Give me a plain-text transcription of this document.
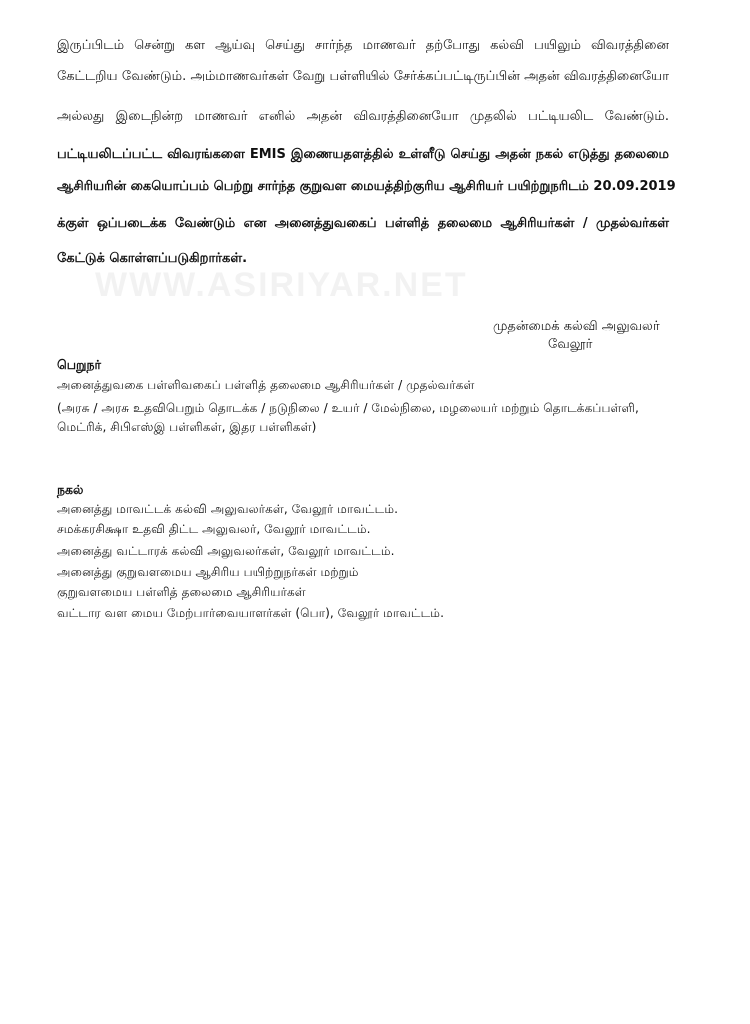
இருப்பிடம் சென்று கள ஆய்வு செய்து சார்ந்த மாணவர் தற்போது கல்வி பயிலும் விவரத்தினை
கேட்டறிய வேண்டும். அம்மாணவர்கள் வேறு பள்ளியில் சேர்க்கப்பட்டிருப்பின் அதன் விவரத்தினையோ
அல்லது இடைநின்ற மாணவர் எனில் அதன் விவரத்தினையோ முதலில் பட்டியலிட வேண்டும்.
பட்டியலிடப்பட்ட விவரங்களை EMIS இணையதளத்தில் உள்ளீடு செய்து அதன் நகல் எடுத்து தலைமை
ஆசிரியரின் கையொப்பம் பெற்று சார்ந்த குறுவள மையத்திற்குரிய ஆசிரியர் பயிற்றுநரிடம் 20.09.2019
க்குள் ஒப்படைக்க வேண்டும் என அனைத்துவகைப் பள்ளித் தலைமை ஆசிரியர்கள் / முதல்வர்கள்
கேட்டுக் கொள்ளப்படுகிறார்கள்.
WWW.ASIRIYAR.NET
முதன்மைக் கல்வி அலுவலர்
வேலூர்
பெறுநர்
அனைத்துவகை பள்ளிவகைப் பள்ளித் தலைமை ஆசிரியர்கள் / முதல்வர்கள்
(அரசு / அரசு உதவிபெறும் தொடக்க / நடுநிலை / உயர் / மேல்நிலை, மழலையர் மற்றும் தொடக்கப்பள்ளி,
மெட்ரிக், சிபிஎஸ்இ பள்ளிகள், இதர பள்ளிகள்)
நகல்
அனைத்து மாவட்டக் கல்வி அலுவலர்கள், வேலூர் மாவட்டம்.
சமக்கரசிக்ஷா உதவி திட்ட அலுவலர், வேலூர் மாவட்டம்.
அனைத்து வட்டாரக் கல்வி அலுவலர்கள், வேலூர் மாவட்டம்.
அனைத்து குறுவளமைய ஆசிரிய பயிற்றுநர்கள் மற்றும்
குறுவளமைய பள்ளித் தலைமை ஆசிரியர்கள்
வட்டார வள மைய மேற்பார்வையாளர்கள் (பொ), வேலூர் மாவட்டம்.
